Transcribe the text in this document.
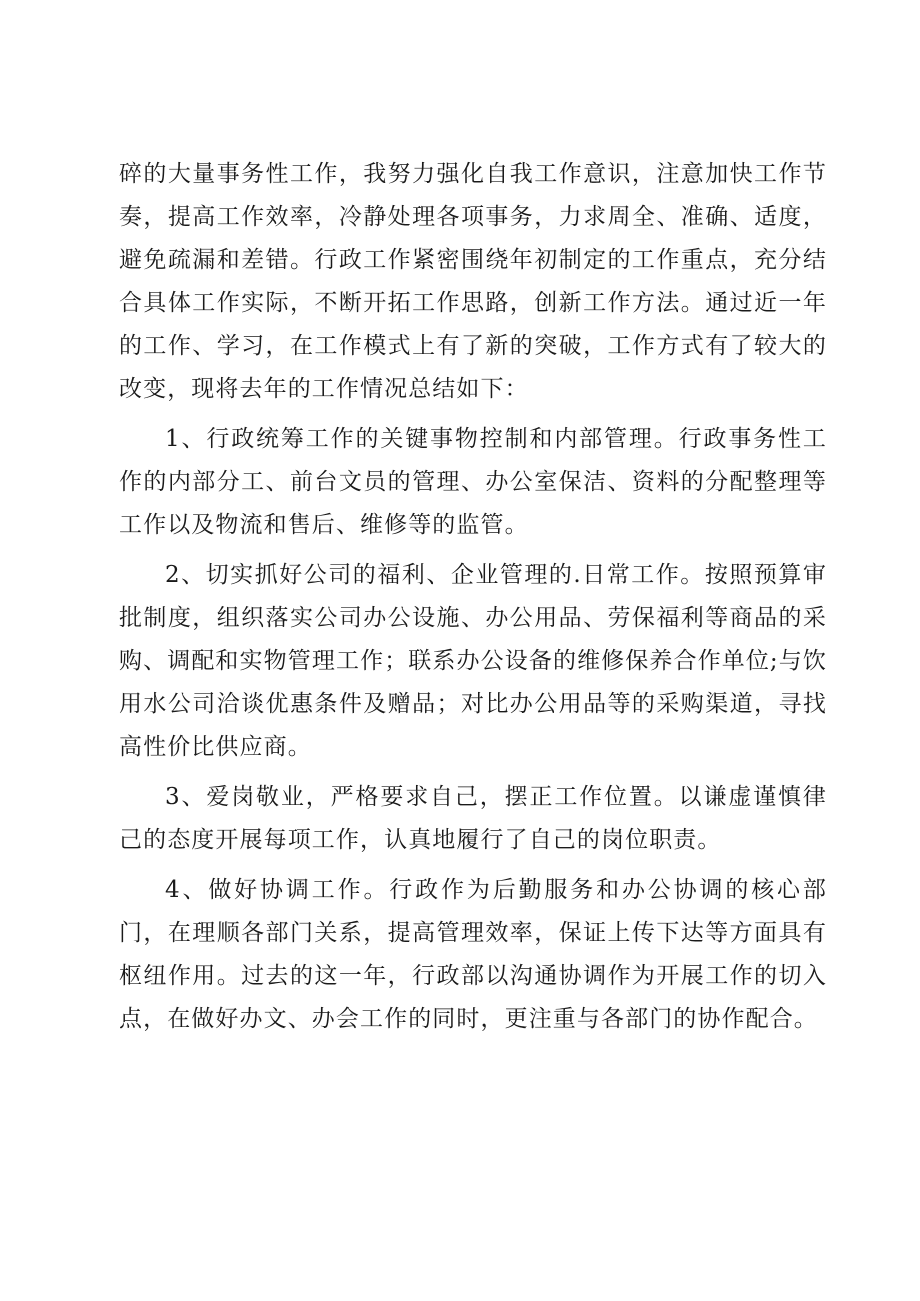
碎的大量事务性工作，我努力强化自我工作意识，注意加快工作节奏，提高工作效率，冷静处理各项事务，力求周全、准确、适度，避免疏漏和差错。行政工作紧密围绕年初制定的工作重点，充分结合具体工作实际，不断开拓工作思路，创新工作方法。通过近一年的工作、学习，在工作模式上有了新的突破，工作方式有了较大的改变，现将去年的工作情况总结如下：

1、行政统筹工作的关键事物控制和内部管理。行政事务性工作的内部分工、前台文员的管理、办公室保洁、资料的分配整理等工作以及物流和售后、维修等的监管。

2、切实抓好公司的福利、企业管理的.日常工作。按照预算审批制度，组织落实公司办公设施、办公用品、劳保福利等商品的采购、调配和实物管理工作；联系办公设备的维修保养合作单位;与饮用水公司洽谈优惠条件及赠品；对比办公用品等的采购渠道，寻找高性价比供应商。

3、爱岗敬业，严格要求自己，摆正工作位置。以谦虚谨慎律己的态度开展每项工作，认真地履行了自己的岗位职责。

4、做好协调工作。行政作为后勤服务和办公协调的核心部门，在理顺各部门关系，提高管理效率，保证上传下达等方面具有枢纽作用。过去的这一年，行政部以沟通协调作为开展工作的切入点，在做好办文、办会工作的同时，更注重与各部门的协作配合。
